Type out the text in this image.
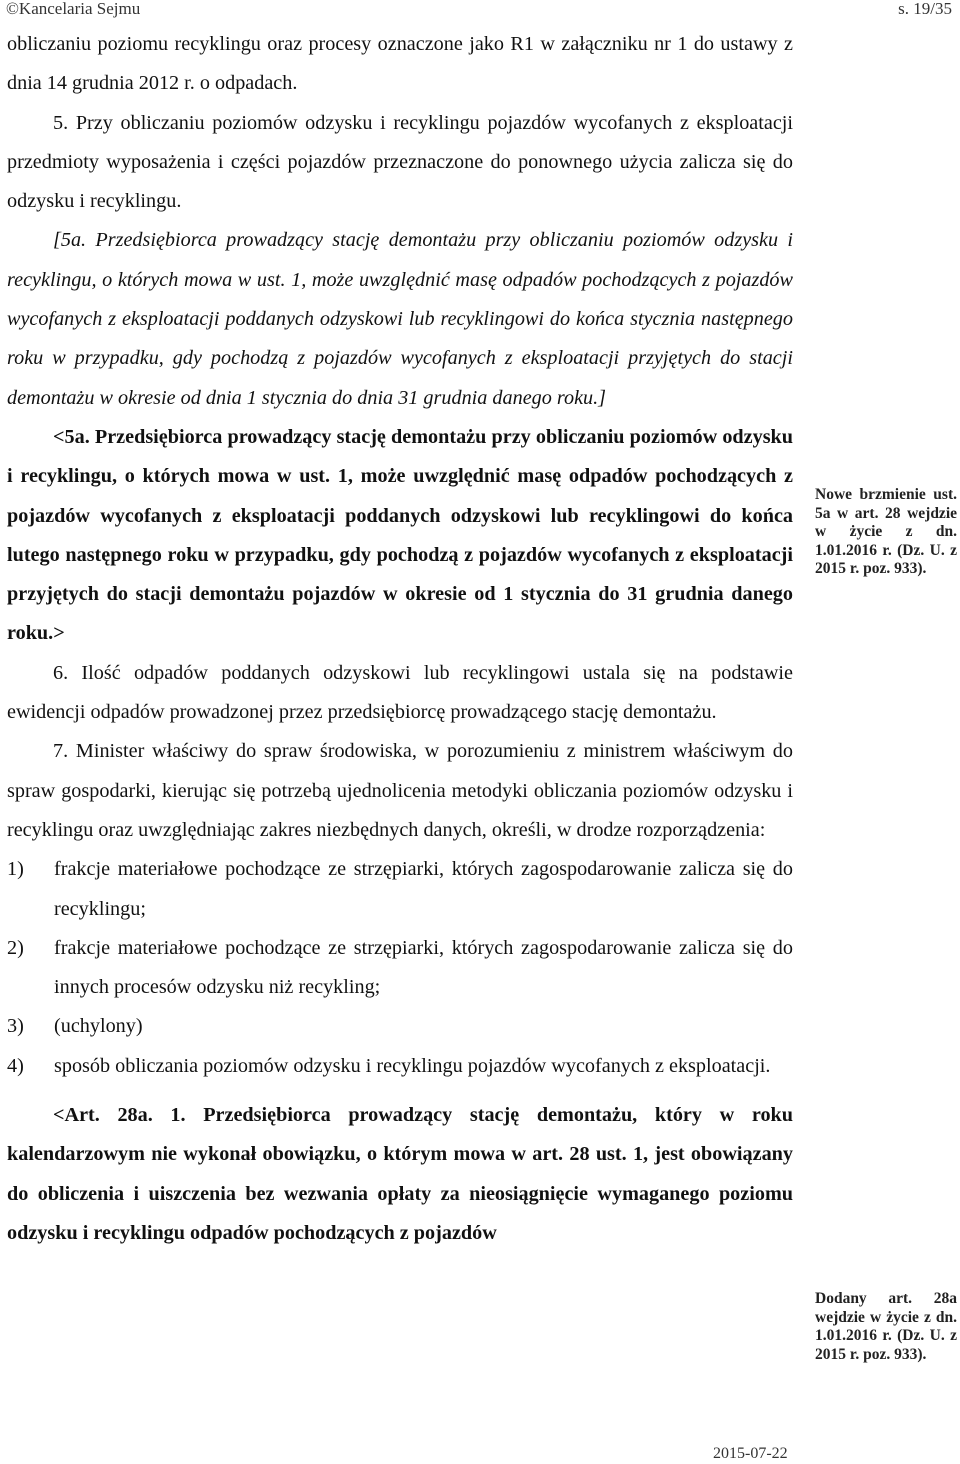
©Kancelaria Sejmu	s. 19/35

obliczaniu poziomu recyklingu oraz procesy oznaczone jako R1 w załączniku nr 1 do ustawy z dnia 14 grudnia 2012 r. o odpadach.

5. Przy obliczaniu poziomów odzysku i recyklingu pojazdów wycofanych z eksploatacji przedmioty wyposażenia i części pojazdów przeznaczone do ponownego użycia zalicza się do odzysku i recyklingu.

[5a. Przedsiębiorca prowadzący stację demontażu przy obliczaniu poziomów odzysku i recyklingu, o których mowa w ust. 1, może uwzględnić masę odpadów pochodzących z pojazdów wycofanych z eksploatacji poddanych odzyskowi lub recyklingowi do końca stycznia następnego roku w przypadku, gdy pochodzą z pojazdów wycofanych z eksploatacji przyjętych do stacji demontażu w okresie od dnia 1 stycznia do dnia 31 grudnia danego roku.]

<5a. Przedsiębiorca prowadzący stację demontażu przy obliczaniu poziomów odzysku i recyklingu, o których mowa w ust. 1, może uwzględnić masę odpadów pochodzących z pojazdów wycofanych z eksploatacji poddanych odzyskowi lub recyklingowi do końca lutego następnego roku w przypadku, gdy pochodzą z pojazdów wycofanych z eksploatacji przyjętych do stacji demontażu pojazdów w okresie od 1 stycznia do 31 grudnia danego roku.>

6. Ilość odpadów poddanych odzyskowi lub recyklingowi ustala się na podstawie ewidencji odpadów prowadzonej przez przedsiębiorcę prowadzącego stację demontażu.

7. Minister właściwy do spraw środowiska, w porozumieniu z ministrem właściwym do spraw gospodarki, kierując się potrzebą ujednolicenia metodyki obliczania poziomów odzysku i recyklingu oraz uwzględniając zakres niezbędnych danych, określi, w drodze rozporządzenia:

1) frakcje materiałowe pochodzące ze strzępiarki, których zagospodarowanie zalicza się do recyklingu;

2) frakcje materiałowe pochodzące ze strzępiarki, których zagospodarowanie zalicza się do innych procesów odzysku niż recykling;

3) (uchylony)

4) sposób obliczania poziomów odzysku i recyklingu pojazdów wycofanych z eksploatacji.

<Art. 28a. 1. Przedsiębiorca prowadzący stację demontażu, który w roku kalendarzowym nie wykonał obowiązku, o którym mowa w art. 28 ust. 1, jest obowiązany do obliczenia i uiszczenia bez wezwania opłaty za nieosiągnięcie wymaganego poziomu odzysku i recyklingu odpadów pochodzących z pojazdów

Nowe brzmienie ust. 5a w art. 28 wejdzie w życie z dn. 1.01.2016 r. (Dz. U. z 2015 r. poz. 933).
Dodany art. 28a wejdzie w życie z dn. 1.01.2016 r. (Dz. U. z 2015 r. poz. 933).
2015-07-22
